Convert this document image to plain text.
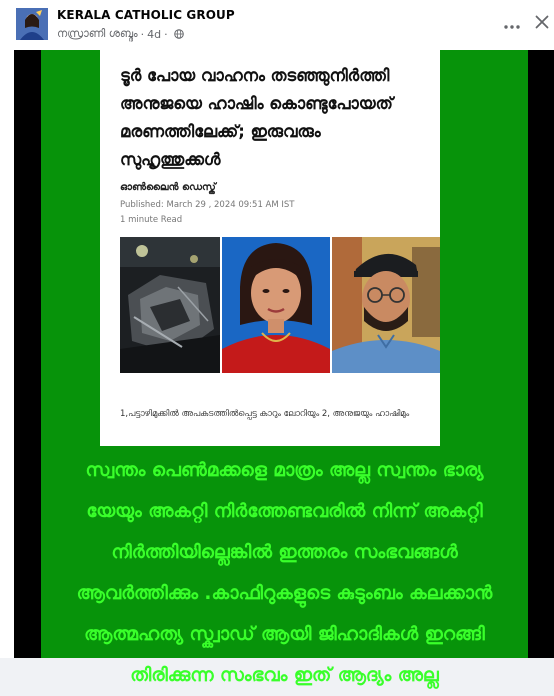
KERALA CATHOLIC GROUP
നസ്രാണി ശബ്ദം · 4d ·
ടൂർ പോയ വാഹനം തടഞ്ഞുനിർത്തി അനുജയെ ഹാഷിം കൊണ്ടുപോയത് മരണത്തിലേക്ക്; ഇരുവരും സുഹൃത്തുക്കൾ
ഓൺലൈൻ ഡെസ്ക്
Published: March 29 , 2024 09:51 AM IST
1 minute Read
1,പട്ടാഴിമുക്കിൽ അപകടത്തിൽപ്പെട്ട കാറും ലോറിയും 2, അനുജയും ഹാഷിമും
സ്വന്തം പെൺമക്കളെ മാത്രം അല്ല സ്വന്തം ഭാര്യ
യേയും അകറ്റി നിർത്തേണ്ടവരിൽ നിന്ന് അകറ്റി
നിർത്തിയില്ലെങ്കിൽ ഇത്തരം സംഭവങ്ങൾ
ആവർത്തിക്കും .കാഫിറുകളുടെ കുടുംബം കലക്കാൻ
ആത്മഹത്യ സ്ക്വാഡ് ആയി ജിഹാദികൾ ഇറങ്ങി
തിരിക്കുന്ന സംഭവം ഇത് ആദ്യം അല്ല
